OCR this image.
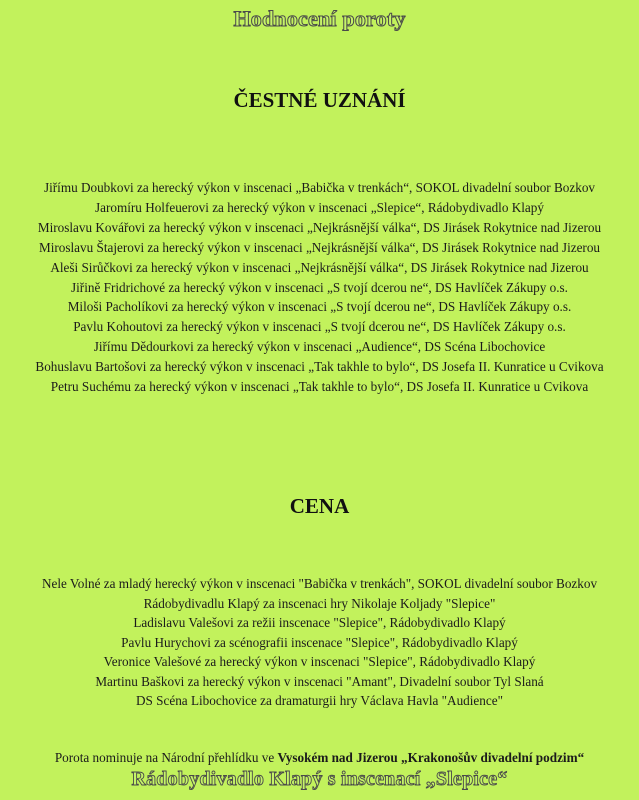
Hodnocení poroty
ČESTNÉ UZNÁNÍ
Jiřímu Doubkovi za herecký výkon v inscenaci „Babička v trenkách“, SOKOL divadelní soubor Bozkov
Jaromíru Holfeuerovi za herecký výkon v inscenaci „Slepice“, Rádobydivadlo Klapý
Miroslavu Kovářovi za herecký výkon v inscenaci „Nejkrásnější válka“, DS Jirásek Rokytnice nad Jizerou
Miroslavu Štajerovi za herecký výkon v inscenaci „Nejkrásnější válka“, DS Jirásek Rokytnice nad Jizerou
Aleši Sirůčkovi za herecký výkon v inscenaci „Nejkrásnější válka“, DS Jirásek Rokytnice nad Jizerou
Jiřině Fridrichové za herecký výkon v inscenaci „S tvojí dcerou ne“, DS Havlíček Zákupy o.s.
Miloši Pacholíkovi za herecký výkon v inscenaci „S tvojí dcerou ne“, DS Havlíček Zákupy o.s.
Pavlu Kohoutovi za herecký výkon v inscenaci „S tvojí dcerou ne“, DS Havlíček Zákupy o.s.
Jiřímu Dědourkovi za herecký výkon v inscenaci „Audience“, DS Scéna Libochovice
Bohuslavu Bartošovi za herecký výkon v inscenaci „Tak takhle to bylo“, DS Josefa II. Kunratice u Cvikova
Petru Suchému za herecký výkon v inscenaci „Tak takhle to bylo“, DS Josefa II. Kunratice u Cvikova
CENA
Nele Volné za mladý herecký výkon v inscenaci "Babička v trenkách", SOKOL divadelní soubor Bozkov
Rádobydivadlu Klapý za inscenaci hry Nikolaje Koljady "Slepice"
Ladislavu Valešovi za režii inscenace "Slepice", Rádobydivadlo Klapý
Pavlu Hurychovi za scénografii inscenace "Slepice", Rádobydivadlo Klapý
Veronice Valešové za herecký výkon v inscenaci "Slepice", Rádobydivadlo Klapý
Martinu Baškovi za herecký výkon v inscenaci "Amant", Divadelní soubor Tyl Slaná
DS Scéna Libochovice za dramaturgii hry Václava Havla "Audience"
Porota nominuje na Národní přehlídku ve Vysokém nad Jizerou „Krakonošův divadelní podzim“
Rádobydivadlo Klapý s inscenací „Slepice“
